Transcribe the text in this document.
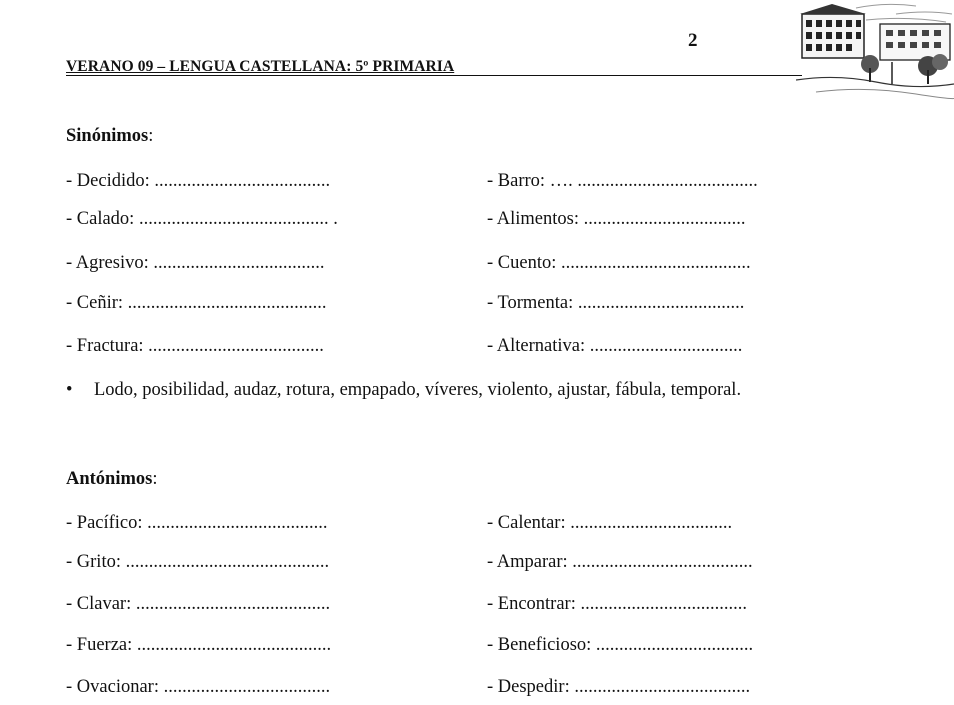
2
VERANO 09 – LENGUA CASTELLANA: 5º PRIMARIA
Sinónimos:
- Decidido: ......................................
- Calado: ......................................... .
- Agresivo: .....................................
- Ceñir: ...........................................
- Fractura: ......................................
- Barro: …. .......................................
- Alimentos: ...................................
- Cuento: .........................................
- Tormenta: ....................................
- Alternativa: .................................
• Lodo, posibilidad, audaz, rotura, empapado, víveres, violento, ajustar, fábula, temporal.
Antónimos:
- Pacífico: .......................................
- Grito: ............................................
- Clavar: ..........................................
- Fuerza: ..........................................
- Ovacionar: ....................................
- Calentar: ...................................
- Amparar: .......................................
- Encontrar: ....................................
- Beneficioso: ..................................
- Despedir: ......................................
